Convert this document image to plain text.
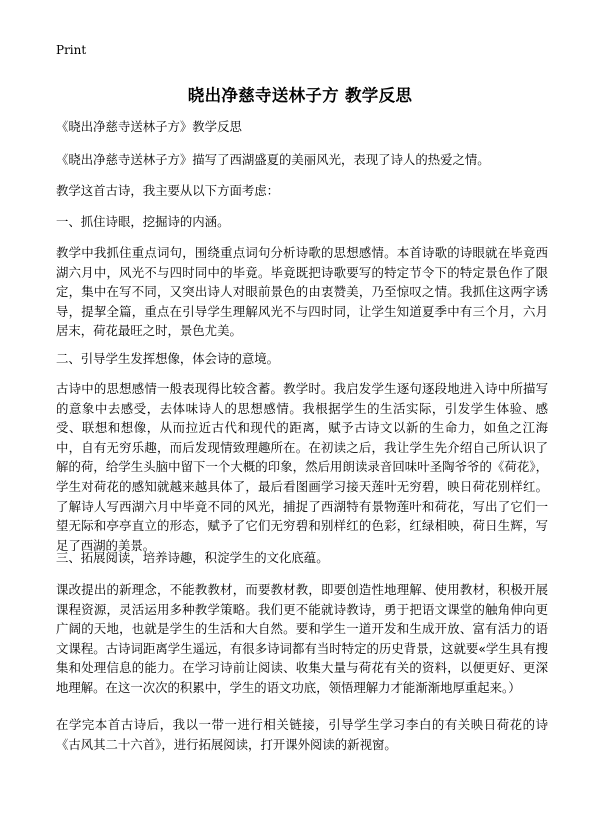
Print
晓出净慈寺送林子方 教学反思

《晓出净慈寺送林子方》教学反思

《晓出净慈寺送林子方》描写了西湖盛夏的美丽风光，表现了诗人的热爱之情。

教学这首古诗，我主要从以下方面考虑：

一、抓住诗眼，挖掘诗的内涵。

教学中我抓住重点词句，围绕重点词句分析诗歌的思想感情。本首诗歌的诗眼就在毕竟西湖六月中，风光不与四时同中的毕竟。毕竟既把诗歌要写的特定节令下的特定景色作了限定，集中在写不同，又突出诗人对眼前景色的由衷赞美，乃至惊叹之情。我抓住这两字诱导，提挈全篇，重点在引导学生理解风光不与四时同，让学生知道夏季中有三个月，六月居末，荷花最旺之时，景色尤美。

二、引导学生发挥想像，体会诗的意境。

古诗中的思想感情一般表现得比较含蓄。教学时。我启发学生逐句逐段地进入诗中所描写的意象中去感受，去体味诗人的思想感情。我根据学生的生活实际，引发学生体验、感受、联想和想像，从而拉近古代和现代的距离，赋予古诗文以新的生命力，如鱼之江海中，自有无穷乐趣，而后发现情致理趣所在。在初读之后，我让学生先介绍自己所认识了解的荷，给学生头脑中留下一个大概的印象，然后用朗读录音回味叶圣陶爷爷的《荷花》，学生对荷花的感知就越来越具体了，最后看图画学习接天莲叶无穷碧，映日荷花别样红。了解诗人写西湖六月中毕竟不同的风光，捕捉了西湖特有景物莲叶和荷花，写出了它们一望无际和亭亭直立的形态，赋予了它们无穷碧和别样红的色彩，红绿相映，荷日生辉，写足了西湖的美景。

三、拓展阅读，培养诗趣，积淀学生的文化底蕴。

课改提出的新理念，不能教教材，而要教材教，即要创造性地理解、使用教材，积极开展课程资源，灵活运用多种教学策略。我们更不能就诗教诗，勇于把语文课堂的触角伸向更广阔的天地，也就是学生的生活和大自然。要和学生一道开发和生成开放、富有活力的语文课程。古诗词距离学生遥远，有很多诗词都有当时特定的历史背景，这就要«学生具有搜集和处理信息的能力。在学习诗前让阅读、收集大量与荷花有关的资料，以便更好、更深地理解。在这一次次的积累中，学生的语文功底，领悟理解力才能渐渐地厚重起来。）

在学完本首古诗后，我以一带一进行相关链接，引导学生学习李白的有关映日荷花的诗《古风其二十六首》，进行拓展阅读，打开课外阅读的新视窗。
